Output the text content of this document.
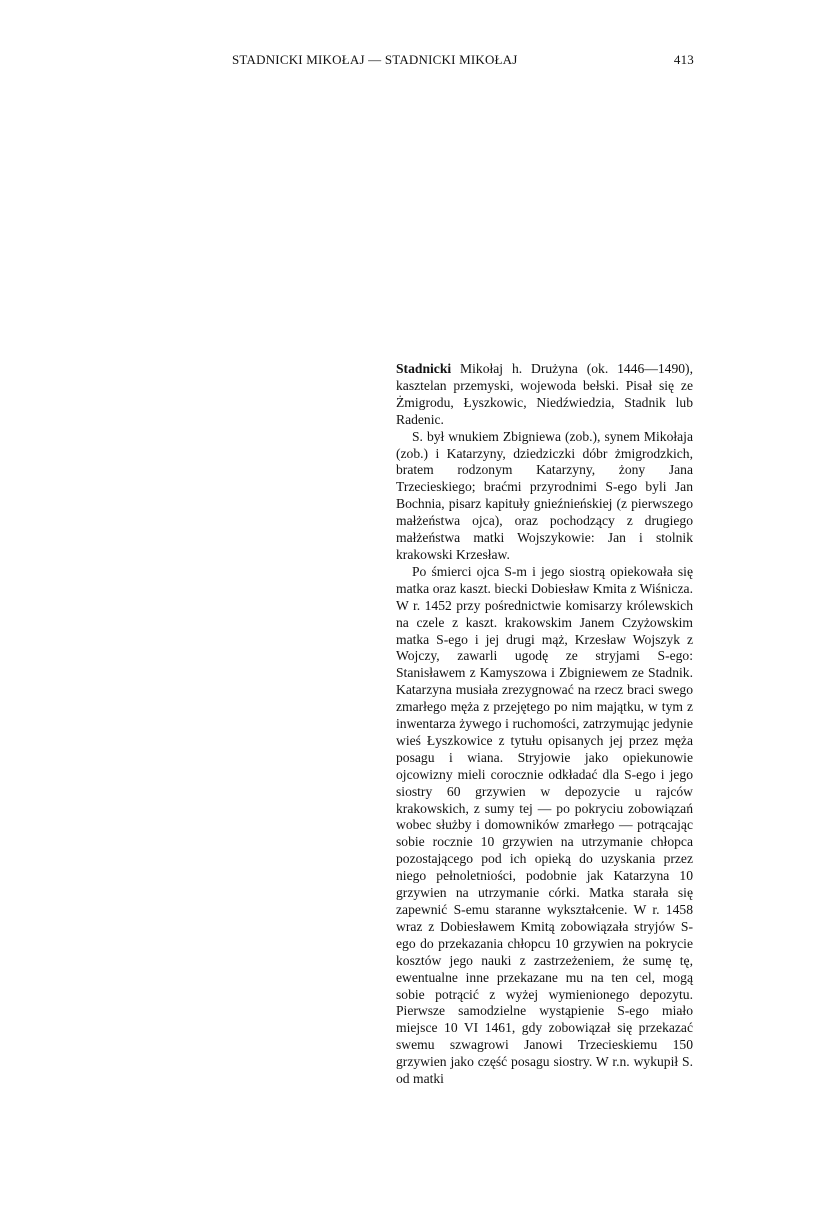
STADNICKI MIKOŁAJ — STADNICKI MIKOŁAJ	413

Stadnicki Mikołaj h. Drużyna (ok. 1446—1490), kasztelan przemyski, wojewoda bełski. Pisał się ze Żmigrodu, Łyszkowic, Niedźwiedzia, Stadnik lub Radenic.

S. był wnukiem Zbigniewa (zob.), synem Mikołaja (zob.) i Katarzyny, dziedziczki dóbr żmigrodzkich, bratem rodzonym Katarzyny, żony Jana Trzecieskiego; braćmi przyrodnimi S-ego byli Jan Bochnia, pisarz kapituły gnieźnieńskiej (z pierwszego małżeństwa ojca), oraz pochodzący z drugiego małżeństwa matki Wojszykowie: Jan i stolnik krakowski Krzesław.

Po śmierci ojca S-m i jego siostrą opiekowała się matka oraz kaszt. biecki Dobiesław Kmita z Wiśnicza. W r. 1452 przy pośrednictwie komisarzy królewskich na czele z kaszt. krakowskim Janem Czyżowskim matka S-ego i jej drugi mąż, Krzesław Wojszyk z Wojczy, zawarli ugodę ze stryjami S-ego: Stanisławem z Kamyszowa i Zbigniewem ze Stadnik. Katarzyna musiała zrezygnować na rzecz braci swego zmarłego męża z przejętego po nim majątku, w tym z inwentarza żywego i ruchomości, zatrzymując jedynie wieś Łyszkowice z tytułu opisanych jej przez męża posagu i wiana. Stryjowie jako opiekunowie ojcowizny mieli corocznie odkładać dla S-ego i jego siostry 60 grzywien w depozycie u rajców krakowskich, z sumy tej — po pokryciu zobowiązań wobec służby i domowników zmarłego — potrącając sobie rocznie 10 grzywien na utrzymanie chłopca pozostającego pod ich opieką do uzyskania przez niego pełnoletniości, podobnie jak Katarzyna 10 grzywien na utrzymanie córki. Matka starała się zapewnić S-emu staranne wykształcenie. W r. 1458 wraz z Dobiesławem Kmitą zobowiązała stryjów S-ego do przekazania chłopcu 10 grzywien na pokrycie kosztów jego nauki z zastrzeżeniem, że sumę tę, ewentualne inne przekazane mu na ten cel, mogą sobie potrącić z wyżej wymienionego depozytu. Pierwsze samodzielne wystąpienie S-ego miało miejsce 10 VI 1461, gdy zobowiązał się przekazać swemu szwagrowi Janowi Trzecieskiemu 150 grzywien jako część posagu siostry. W r.n. wykupił S. od matki
